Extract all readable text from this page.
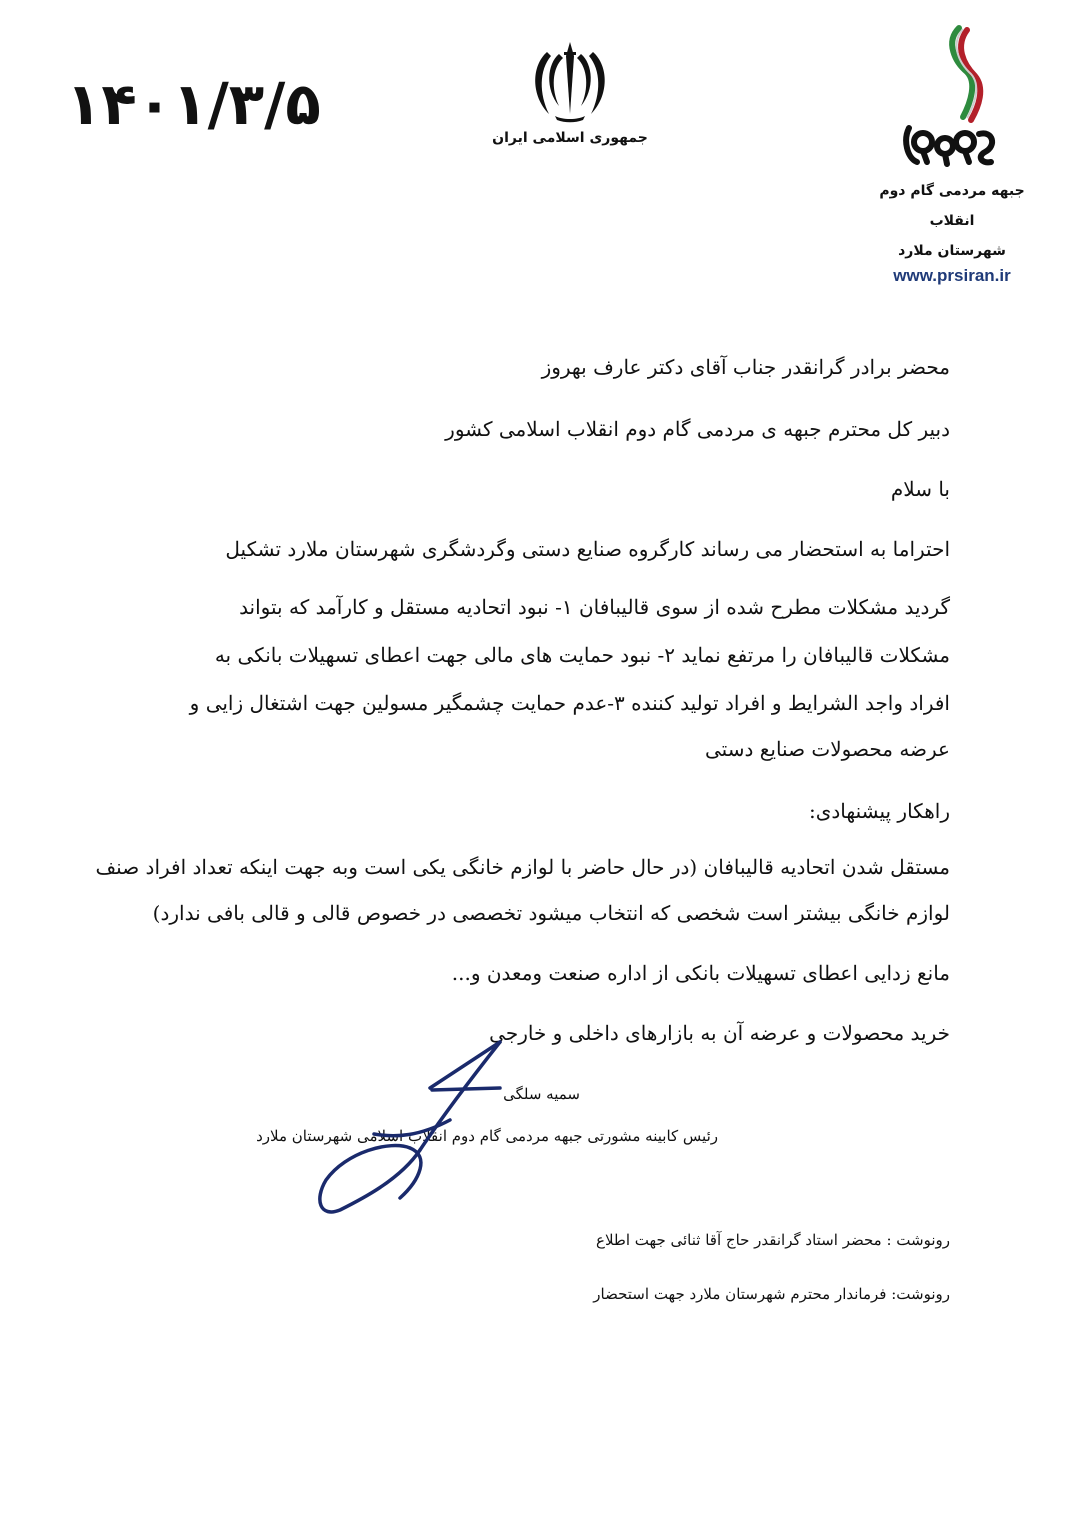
۱۴۰۱/۳/۵	جمهوری اسلامی ایران
جبهه مردمی گام دوم انقلاب
شهرستان ملارد
www.prsiran.ir
محضر برادر گرانقدر جناب آقای دکتر عارف بهروز
دبیر کل محترم جبهه ی مردمی گام دوم انقلاب اسلامی کشور
با سلام
احتراما به استحضار می رساند کارگروه صنایع دستی وگردشگری شهرستان ملارد تشکیل
گردید مشکلات مطرح شده از سوی قالیبافان ۱- نبود اتحادیه مستقل و کارآمد که بتواند
مشکلات قالیبافان را مرتفع نماید ۲- نبود حمایت های مالی جهت اعطای تسهیلات بانکی به
افراد واجد الشرایط و افراد تولید کننده ۳-عدم حمایت چشمگیر مسولین جهت اشتغال زایی و
عرضه محصولات صنایع دستی
راهکار پیشنهادی:
مستقل شدن اتحادیه قالیبافان (در حال حاضر با لوازم خانگی یکی است وبه جهت اینکه تعداد افراد صنف
لوازم خانگی بیشتر است شخصی که انتخاب میشود تخصصی در خصوص قالی و قالی بافی ندارد)
مانع زدایی اعطای تسهیلات بانکی از اداره صنعت ومعدن و...
خرید محصولات و عرضه آن به بازارهای داخلی و خارجی
سمیه سلگی
رئیس کابینه مشورتی جبهه مردمی گام دوم انقلاب اسلامی شهرستان ملارد
رونوشت : محضر استاد گرانقدر حاج آقا ثنائی جهت اطلاع
رونوشت: فرماندار محترم شهرستان ملارد جهت استحضار
